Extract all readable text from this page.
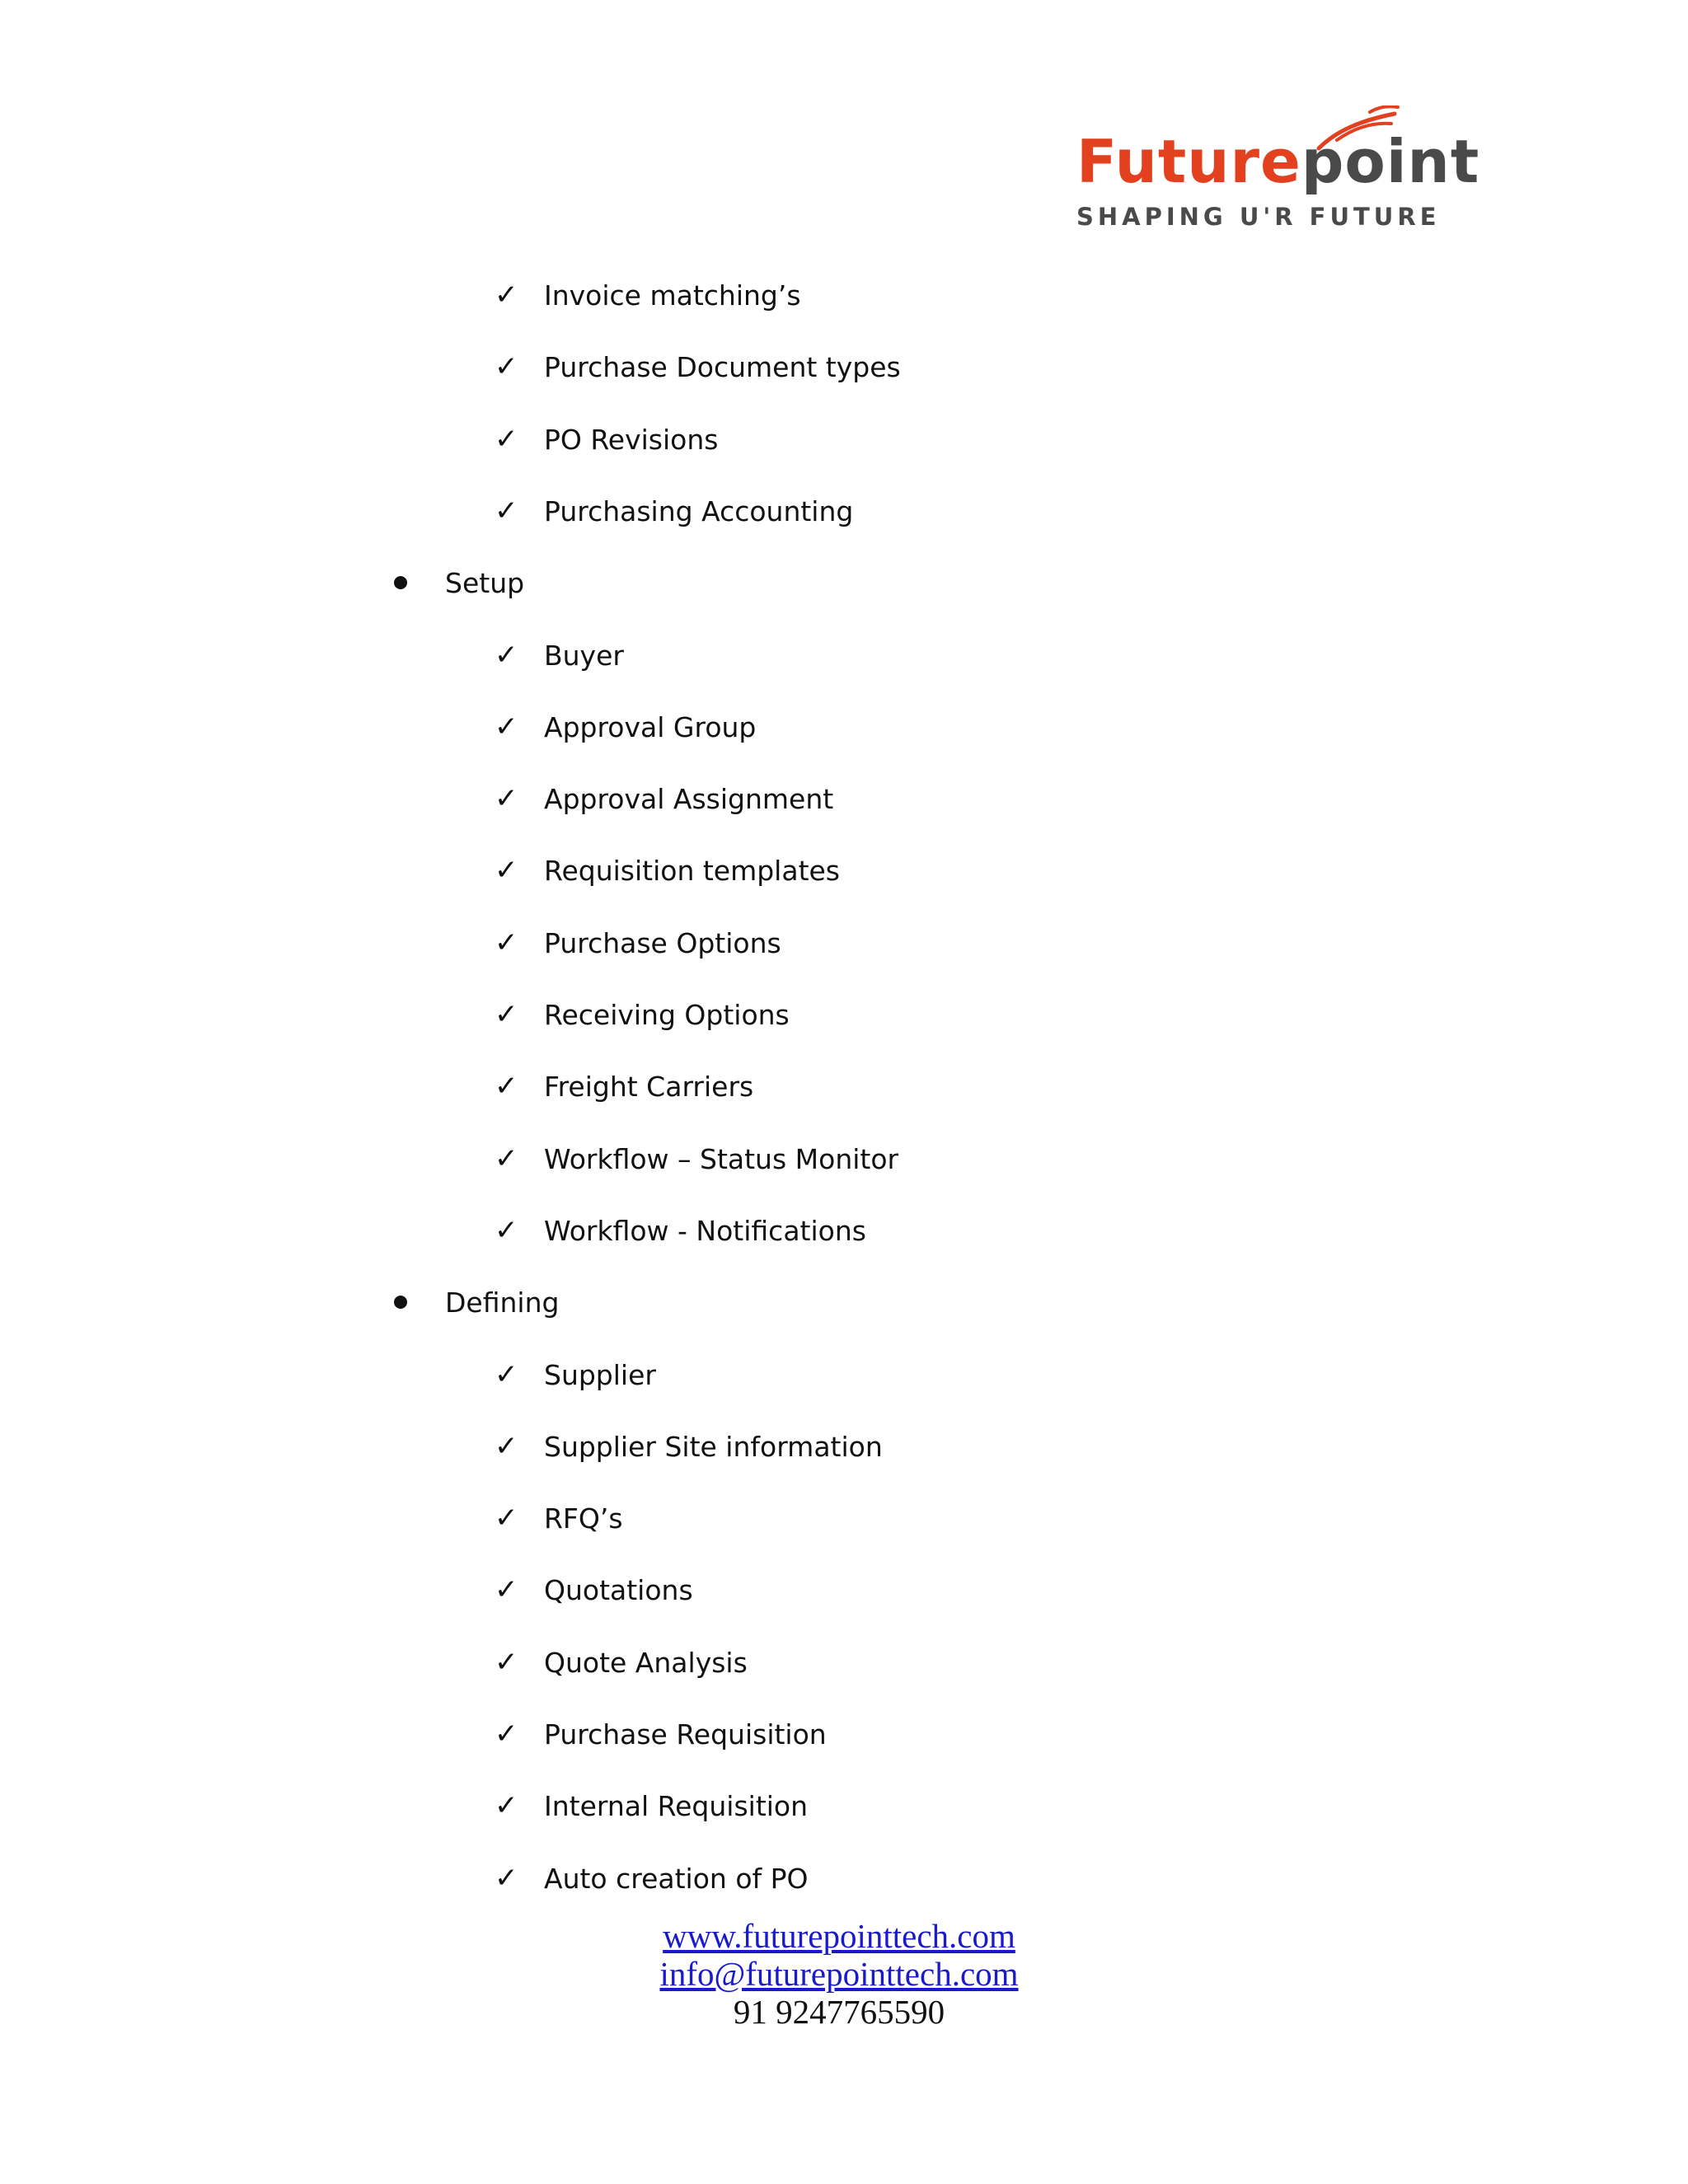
Futurepoint
SHAPING U'R FUTURE
✓ Invoice matching’s
✓ Purchase Document types
✓ PO Revisions
✓ Purchasing Accounting
Setup
✓ Buyer
✓ Approval Group
✓ Approval Assignment
✓ Requisition templates
✓ Purchase Options
✓ Receiving Options
✓ Freight Carriers
✓ Workflow – Status Monitor
✓ Workflow - Notifications
Defining
✓ Supplier
✓ Supplier Site information
✓ RFQ’s
✓ Quotations
✓ Quote Analysis
✓ Purchase Requisition
✓ Internal Requisition
✓ Auto creation of PO
www.futurepointtech.com
info@futurepointtech.com
91 9247765590
